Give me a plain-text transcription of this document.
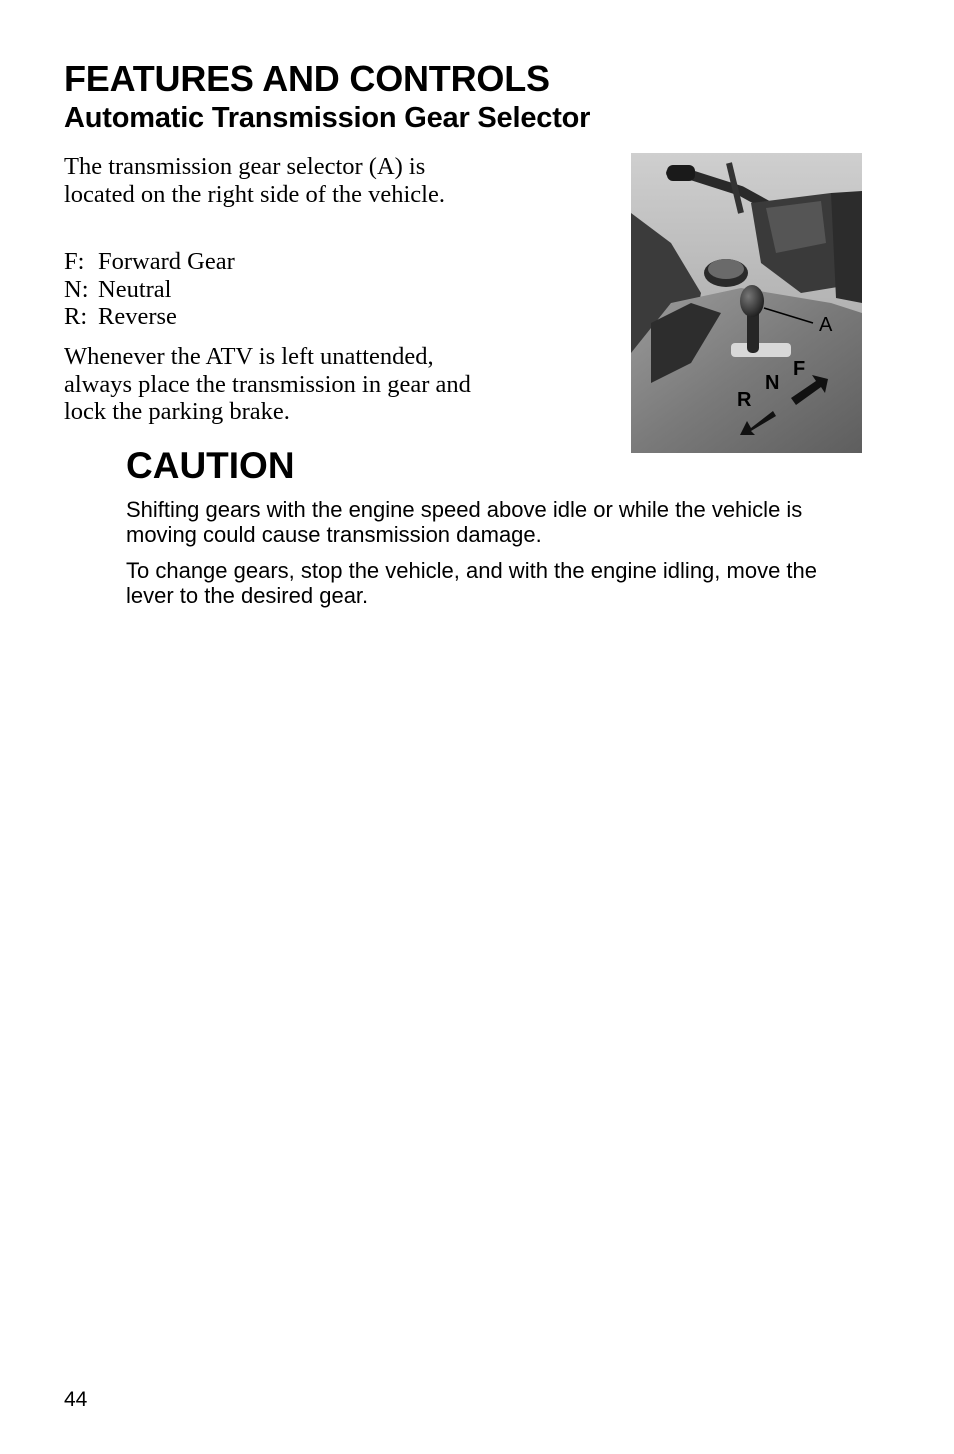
FEATURES AND CONTROLS
Automatic Transmission Gear Selector

The transmission gear selector (A) is located on the right side of the vehicle.

F: Forward Gear
N: Neutral
R: Reverse

Whenever the ATV is left unattended, always place the transmission in gear and lock the parking brake.

A
F
N
R
CAUTION

Shifting gears with the engine speed above idle or while the vehicle is moving could cause transmission damage.

To change gears, stop the vehicle, and with the engine idling, move the lever to the desired gear.

44
